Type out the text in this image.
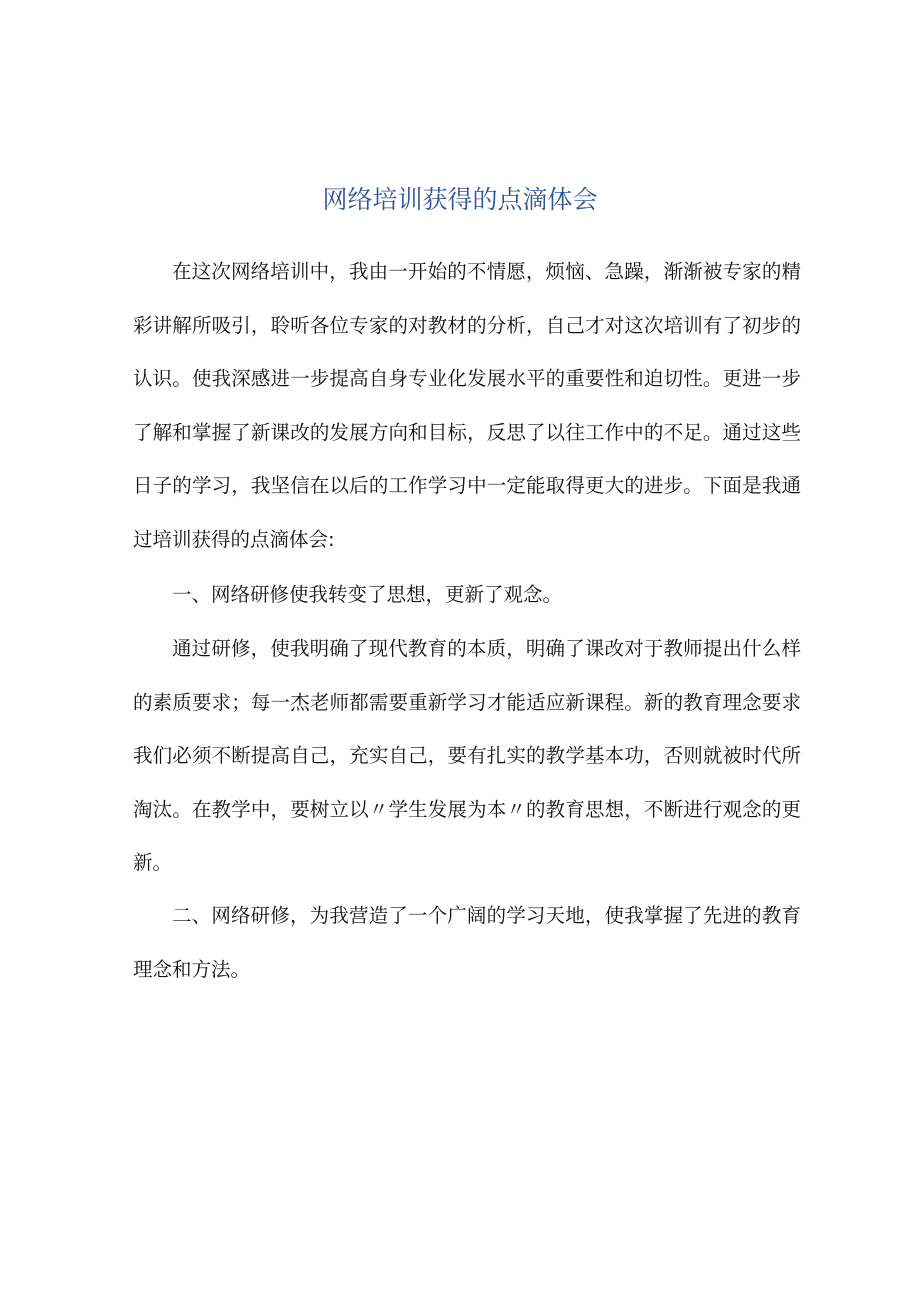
网络培训获得的点滴体会

在这次网络培训中，我由一开始的不情愿，烦恼、急躁，渐渐被专家的精彩讲解所吸引，聆听各位专家的对教材的分析，自己才对这次培训有了初步的认识。使我深感进一步提高自身专业化发展水平的重要性和迫切性。更进一步了解和掌握了新课改的发展方向和目标，反思了以往工作中的不足。通过这些日子的学习，我坚信在以后的工作学习中一定能取得更大的进步。下面是我通过培训获得的点滴体会:

一、网络研修使我转变了思想，更新了观念。

通过研修，使我明确了现代教育的本质，明确了课改对于教师提出什么样的素质要求；每一杰老师都需要重新学习才能适应新课程。新的教育理念要求我们必须不断提高自己，充实自己，要有扎实的教学基本功，否则就被时代所淘汰。在教学中，要树立以〃学生发展为本〃的教育思想，不断进行观念的更新。

二、网络研修，为我营造了一个广阔的学习天地，使我掌握了先进的教育理念和方法。
